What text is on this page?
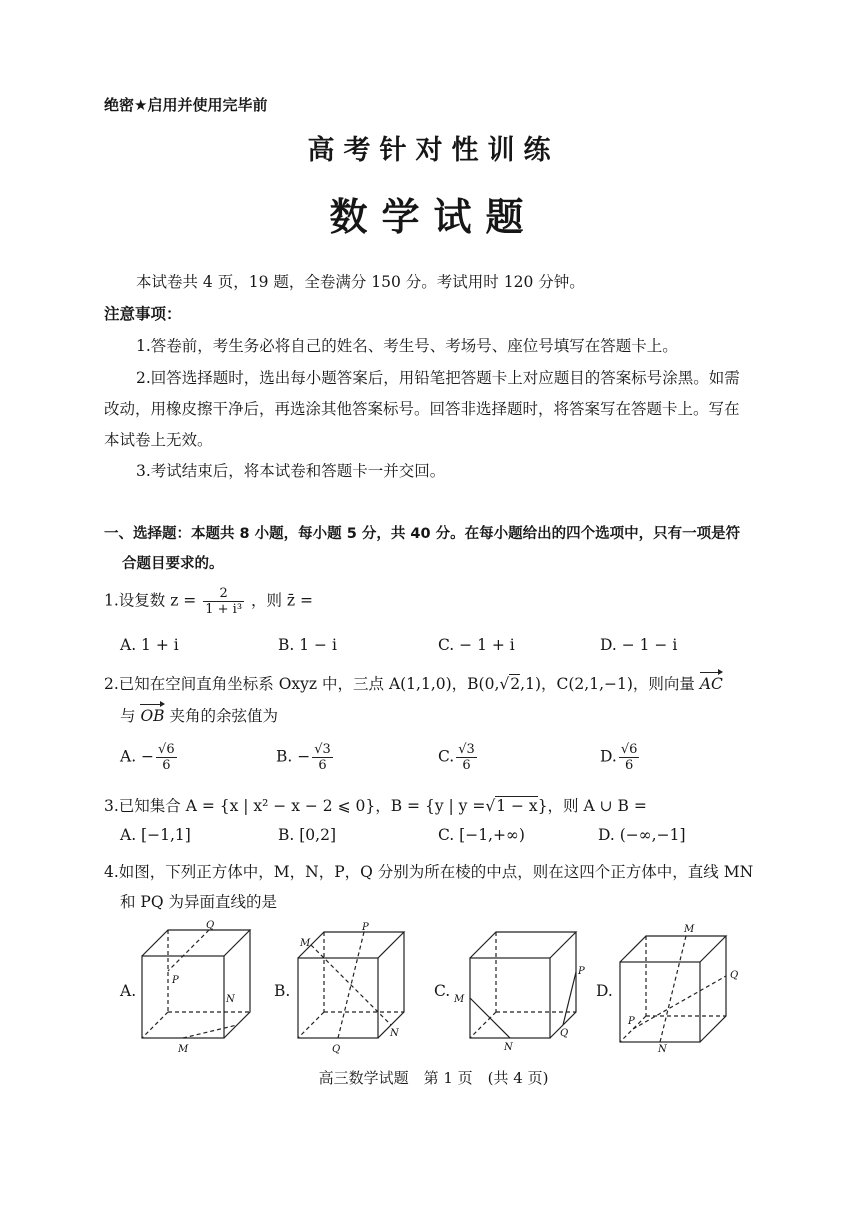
绝密★启用并使用完毕前
高考针对性训练
数学试题
本试卷共 4 页，19 题，全卷满分 150 分。考试用时 120 分钟。
注意事项：
1.答卷前，考生务必将自己的姓名、考生号、考场号、座位号填写在答题卡上。
2.回答选择题时，选出每小题答案后，用铅笔把答题卡上对应题目的答案标号涂黑。如需
改动，用橡皮擦干净后，再选涂其他答案标号。回答非选择题时，将答案写在答题卡上。写在
本试卷上无效。
3.考试结束后，将本试卷和答题卡一并交回。
一、选择题：本题共 8 小题，每小题 5 分，共 40 分。在每小题给出的四个选项中，只有一项是符
合题目要求的。
1.设复数 $z = \frac{2}{\text{1 + i³}}$ ，则 z̄ =
A. 1 + i	B. 1 − i	C. − 1 + i	D. − 1 − i
2.已知在空间直角坐标系 Oxyz 中，三点 A(1,1,0)，B(0,√2,1)，C(2,1,−1)，则向量 AC
与 OB 夹角的余弦值为
A. − $\frac{√6}{6}$	B. − $\frac{√3}{6}$	C. $\frac{√3}{6}$	D. $\frac{√6}{6}$
3.已知集合 A = {x | x² − x − 2 ⩽ 0}，B = {y | y =√1 − x}，则 A ∪ B =
A. [−1,1]	B. [0,2]	C. [−1,+∞)	D. (−∞,−1]
4.如图，下列正方体中，M，N，P，Q 分别为所在棱的中点，则在这四个正方体中，直线 MN
和 PQ 为异面直线的是
A.	B.	C.	D.
Q
P
N
M
M
P
N
Q
P
M
Q
N
M
Q
P
N
高三数学试题　第 1 页　(共 4 页)
